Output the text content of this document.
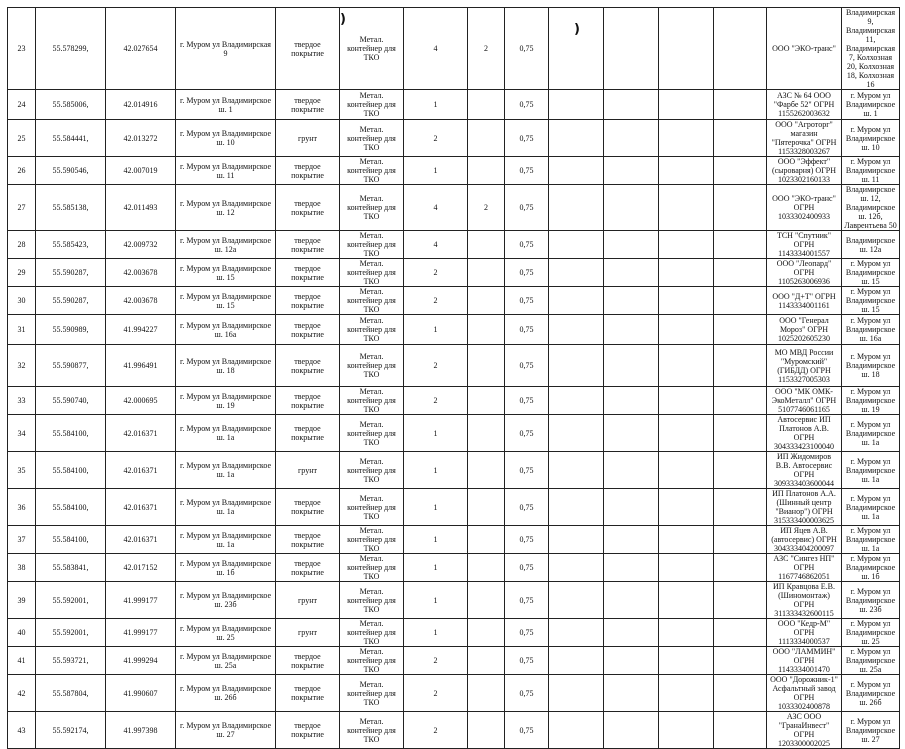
23	55.578299,	42.027654	г. Муром ул Владимирская 9	твердое покрытие	Метал. контейнер для ТКО	4	2	0,75					ООО "ЭКО-транс"	Владимирская 9, Владимирская 11, Владимирская 7, Колхозная 20, Колхозная 18, Колхозная 16
24	55.585006,	42.014916	г. Муром ул Владимирское ш. 1	твердое покрытие	Метал. контейнер для ТКО	1		0,75					АЗС № 64 ООО "Фарбе 52" ОГРН 1155262003632	г. Муром ул Владимирское ш. 1
25	55.584441,	42.013272	г. Муром ул Владимирское ш. 10	грунт	Метал. контейнер для ТКО	2		0,75					ООО "Агроторг" магазин "Пятерочка" ОГРН 1153328003267	г. Муром ул Владимирское ш. 10
26	55.590546,	42.007019	г. Муром ул Владимирское ш. 11	твердое покрытие	Метал. контейнер для ТКО	1		0,75					ООО "Эффект"(сыроварня) ОГРН 1023302160133	г. Муром ул Владимирское ш. 11
27	55.585138,	42.011493	г. Муром ул Владимирское ш. 12	твердое покрытие	Метал. контейнер для ТКО	4	2	0,75					ООО "ЭКО-транс" ОГРН 1033302400933	Владимирское ш. 12, Владимирское ш. 12б, Лаврентьева 50
28	55.585423,	42.009732	г. Муром ул Владимирское ш. 12а	твердое покрытие	Метал. контейнер для ТКО	4		0,75					ТСН "Спутник" ОГРН 1143334001557	Владимирское ш. 12а
29	55.590287,	42.003678	г. Муром ул Владимирское ш. 15	твердое покрытие	Метал. контейнер для ТКО	2		0,75					ООО "Леопард" ОГРН 1105263006936	г. Муром ул Владимирское ш. 15
30	55.590287,	42.003678	г. Муром ул Владимирское ш. 15	твердое покрытие	Метал. контейнер для ТКО	2		0,75					ООО "Д+Т" ОГРН 1143334001161	г. Муром ул Владимирское ш. 15
31	55.590989,	41.994227	г. Муром ул Владимирское ш. 16а	твердое покрытие	Метал. контейнер для ТКО	1		0,75					ООО "Генерал Мороз" ОГРН 1025202605230	г. Муром ул Владимирское ш. 16а
32	55.590877,	41.996491	г. Муром ул Владимирское ш. 18	твердое покрытие	Метал. контейнер для ТКО	2		0,75					МО МВД России "Муромский" (ГИБДД) ОГРН 1153327005303	г. Муром ул Владимирское ш. 18
33	55.590740,	42.000695	г. Муром ул Владимирское ш. 19	твердое покрытие	Метал. контейнер для ТКО	2		0,75					ООО "МК ОМК-ЭкоМеталл" ОГРН 5107746061165	г. Муром ул Владимирское ш. 19
34	55.584100,	42.016371	г. Муром ул Владимирское ш. 1а	твердое покрытие	Метал. контейнер для ТКО	1		0,75					Автосервис ИП Платонов А.В. ОГРН 304333423100040	г. Муром ул Владимирское ш. 1а
35	55.584100,	42.016371	г. Муром ул Владимирское ш. 1а	грунт	Метал. контейнер для ТКО	1		0,75					ИП Жидомиров В.В. Автосервис ОГРН 309333403600044	г. Муром ул Владимирское ш. 1а
36	55.584100,	42.016371	г. Муром ул Владимирское ш. 1а	твердое покрытие	Метал. контейнер для ТКО	1		0,75					ИП Платонов А.А. (Шинный центр "Вианор") ОГРН 315333400003625	г. Муром ул Владимирское ш. 1а
37	55.584100,	42.016371	г. Муром ул Владимирское ш. 1а	твердое покрытие	Метал. контейнер для ТКО	1		0,75					ИП Яцев А.В. (автосервис) ОГРН 304333404200097	г. Муром ул Владимирское ш. 1а
38	55.583841,	42.017152	г. Муром ул Владимирское ш. 1б	твердое покрытие	Метал. контейнер для ТКО	1		0,75					АЗС "Сингез НП" ОГРН 1167746862051	г. Муром ул Владимирское ш. 1б
39	55.592001,	41.999177	г. Муром ул Владимирское ш. 23б	грунт	Метал. контейнер для ТКО	1		0,75					ИП Кравцова Е.В. (Шиномонтаж) ОГРН 311333432600115	г. Муром ул Владимирское ш. 23б
40	55.592001,	41.999177	г. Муром ул Владимирское ш. 25	грунт	Метал. контейнер для ТКО	1		0,75					ООО "Кедр-М" ОГРН 1113334000537	г. Муром ул Владимирское ш. 25
41	55.593721,	41.999294	г. Муром ул Владимирское ш. 25а	твердое покрытие	Метал. контейнер для ТКО	2		0,75					ООО "ЛАММИН" ОГРН 1143334001470	г. Муром ул Владимирское ш. 25а
42	55.587804,	41.990607	г. Муром ул Владимирское ш. 26б	твердое покрытие	Метал. контейнер для ТКО	2		0,75					ООО "Дорожник-1" Асфальтный завод ОГРН 1033302400878	г. Муром ул Владимирское ш. 26б
43	55.592174,	41.997398	г. Муром ул Владимирское ш. 27	твердое покрытие	Метал. контейнер для ТКО	2		0,75					АЗС ООО "ГранаИнвест" ОГРН 1203300002025	г. Муром ул Владимирское ш. 27
)
)
